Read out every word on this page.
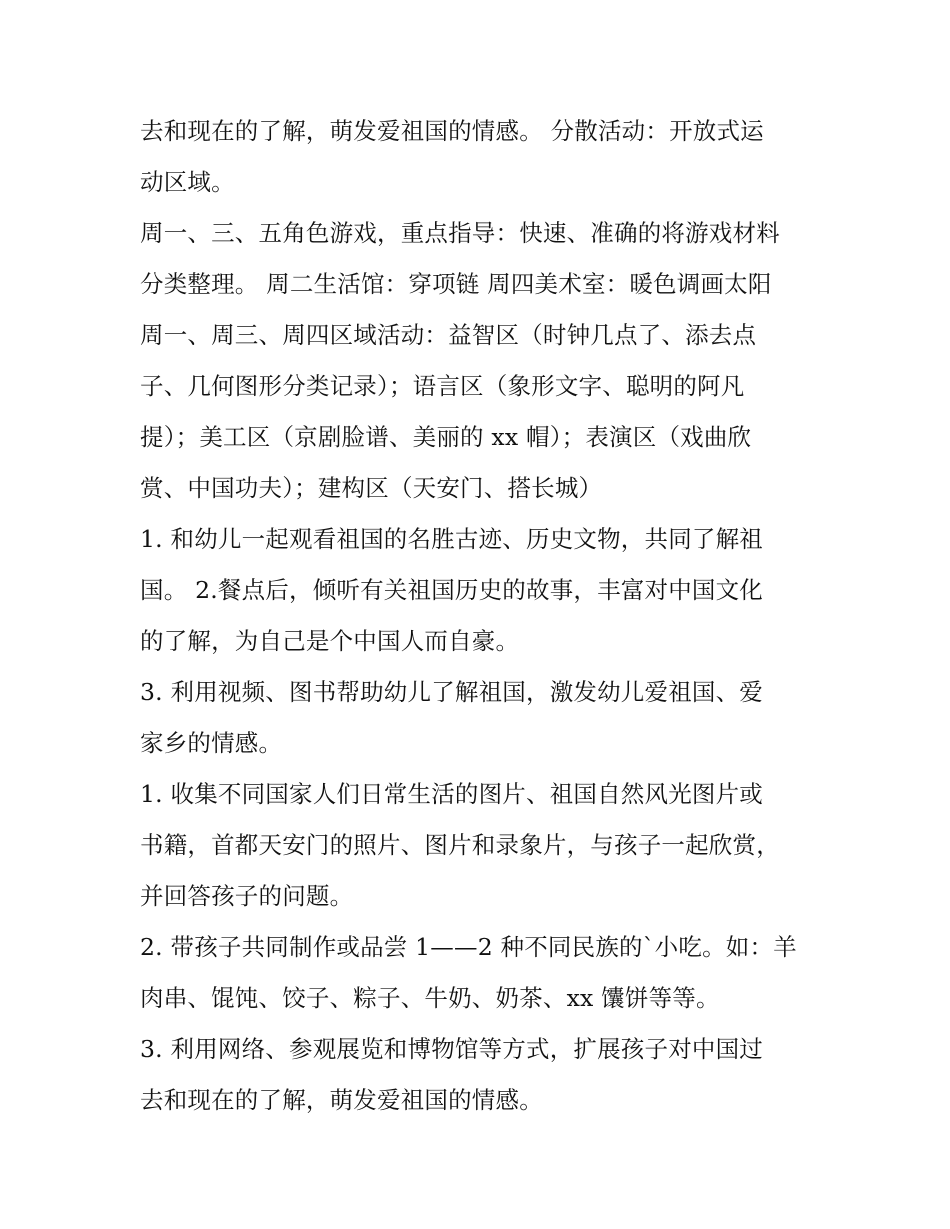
去和现在的了解，萌发爱祖国的情感。 分散活动：开放式运
动区域。
周一、三、五角色游戏，重点指导：快速、准确的将游戏材料
分类整理。 周二生活馆：穿项链 周四美术室：暖色调画太阳
周一、周三、周四区域活动：益智区（时钟几点了、添去点
子、几何图形分类记录）；语言区（象形文字、聪明的阿凡
提）；美工区（京剧脸谱、美丽的 xx 帽）；表演区（戏曲欣
赏、中国功夫）；建构区（天安门、搭长城）
1. 和幼儿一起观看祖国的名胜古迹、历史文物，共同了解祖
国。 2.餐点后，倾听有关祖国历史的故事，丰富对中国文化
的了解，为自己是个中国人而自豪。
3. 利用视频、图书帮助幼儿了解祖国，激发幼儿爱祖国、爱
家乡的情感。
1. 收集不同国家人们日常生活的图片、祖国自然风光图片或
书籍，首都天安门的照片、图片和录象片，与孩子一起欣赏，
并回答孩子的问题。
2. 带孩子共同制作或品尝 1——2 种不同民族的`小吃。如：羊
肉串、馄饨、饺子、粽子、牛奶、奶茶、xx 馕饼等等。
3. 利用网络、参观展览和博物馆等方式，扩展孩子对中国过
去和现在的了解，萌发爱祖国的情感。
